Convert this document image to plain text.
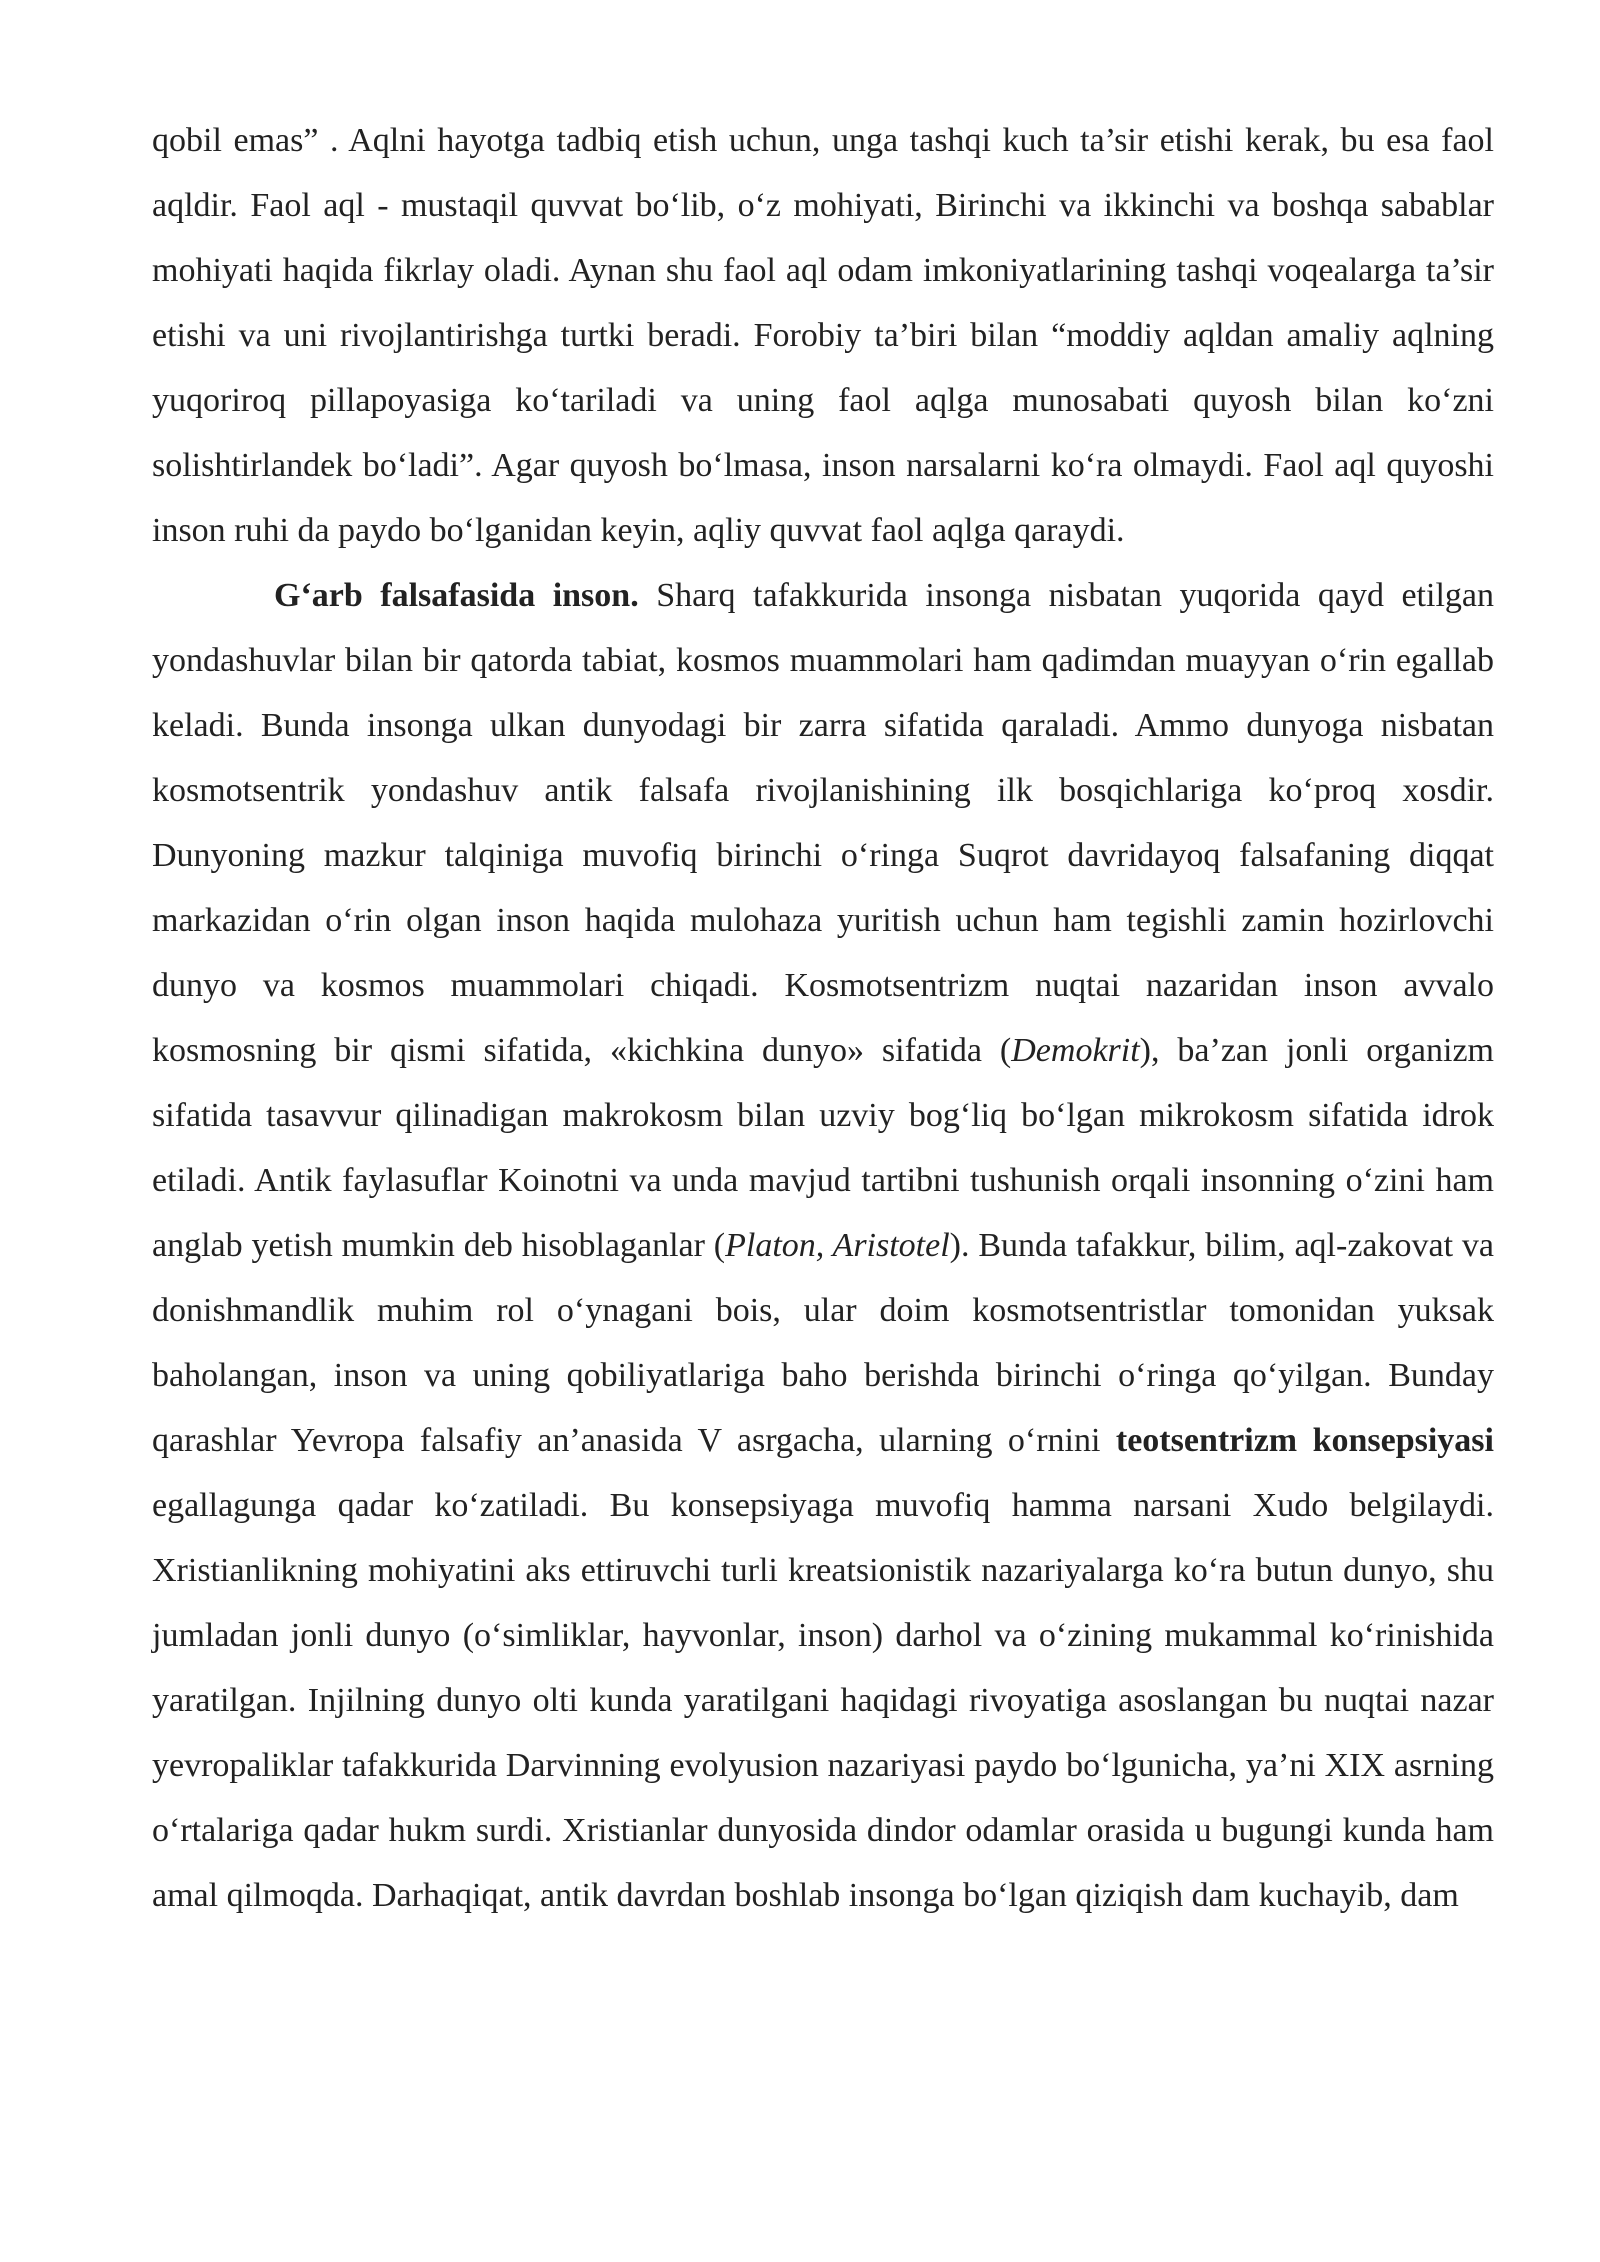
qobil emas” . Aqlni hayotga tadbiq etish uchun, unga tashqi kuch ta’sir etishi kerak, bu esa faol aqldir. Faol aql - mustaqil quvvat bo‘lib, o‘z mohiyati, Birinchi va ikkinchi va boshqa sabablar mohiyati haqida fikrlay oladi. Aynan shu faol aql odam imkoniyatlarining tashqi voqealarga ta’sir etishi va uni rivojlantirishga turtki beradi. Forobiy ta’biri bilan “moddiy aqldan amaliy aqlning yuqoriroq pillapoyasiga ko‘tariladi va uning faol aqlga munosabati quyosh bilan ko‘zni solishtirlandek bo‘ladi”. Agar quyosh bo‘lmasa, inson narsalarni ko‘ra olmaydi. Faol aql quyoshi inson ruhi da paydo bo‘lganidan keyin, aqliy quvvat faol aqlga qaraydi.

G‘arb falsafasida inson. Sharq tafakkurida insonga nisbatan yuqorida qayd etilgan yondashuvlar bilan bir qatorda tabiat, kosmos muammolari ham qadimdan muayyan o‘rin egallab keladi. Bunda insonga ulkan dunyodagi bir zarra sifatida qaraladi. Ammo dunyoga nisbatan kosmotsentrik yondashuv antik falsafa rivojlanishining ilk bosqichlariga ko‘proq xosdir. Dunyoning mazkur talqiniga muvofiq birinchi o‘ringa Suqrot davridayoq falsafaning diqqat markazidan o‘rin olgan inson haqida mulohaza yuritish uchun ham tegishli zamin hozirlovchi dunyo va kosmos muammolari chiqadi. Kosmotsentrizm nuqtai nazaridan inson avvalo kosmosning bir qismi sifatida, «kichkina dunyo» sifatida (Demokrit), ba’zan jonli organizm sifatida tasavvur qilinadigan makrokosm bilan uzviy bog‘liq bo‘lgan mikrokosm sifatida idrok etiladi. Antik faylasuflar Koinotni va unda mavjud tartibni tushunish orqali insonning o‘zini ham anglab yetish mumkin deb hisoblaganlar (Platon, Aristotel). Bunda tafakkur, bilim, aql-zakovat va donishmandlik muhim rol o‘ynagani bois, ular doim kosmotsentristlar tomonidan yuksak baholangan, inson va uning qobiliyatlariga baho berishda birinchi o‘ringa qo‘yilgan. Bunday qarashlar Yevropa falsafiy an’anasida V asrgacha, ularning o‘rnini teotsentrizm konsepsiyasi egallagunga qadar ko‘zatiladi. Bu konsepsiyaga muvofiq hamma narsani Xudo belgilaydi. Xristianlikning mohiyatini aks ettiruvchi turli kreatsionistik nazariyalarga ko‘ra butun dunyo, shu jumladan jonli dunyo (o‘simliklar, hayvonlar, inson) darhol va o‘zining mukammal ko‘rinishida yaratilgan. Injilning dunyo olti kunda yaratilgani haqidagi rivoyatiga asoslangan bu nuqtai nazar yevropaliklar tafakkurida Darvinning evolyusion nazariyasi paydo bo‘lgunicha, ya’ni XIX asrning o‘rtalariga qadar hukm surdi. Xristianlar dunyosida dindor odamlar orasida u bugungi kunda ham amal qilmoqda. Darhaqiqat, antik davrdan boshlab insonga bo‘lgan qiziqish dam kuchayib, dam
